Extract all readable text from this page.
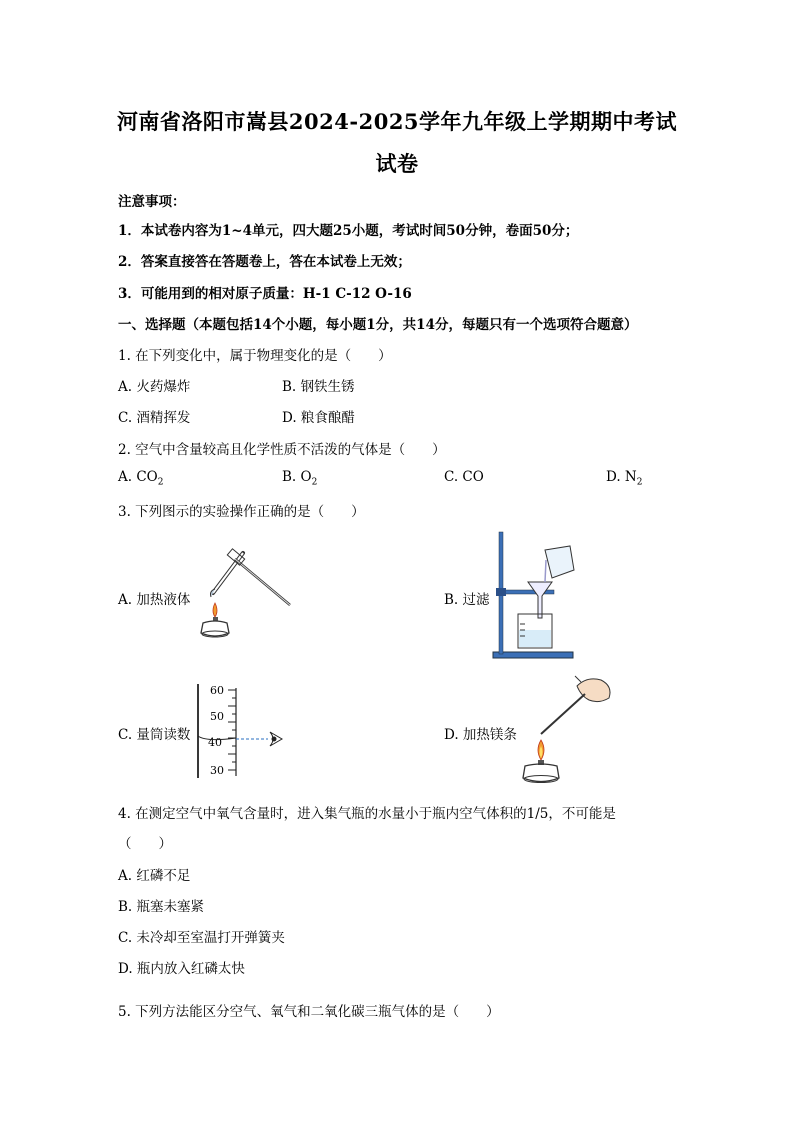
河南省洛阳市嵩县2024-2025学年九年级上学期期中考试
试卷
注意事项：
1．本试卷内容为1~4单元，四大题25小题，考试时间50分钟，卷面50分；
2．答案直接答在答题卷上，答在本试卷上无效；
3．可能用到的相对原子质量：H-1 C-12 O-16
一、选择题（本题包括14个小题，每小题1分，共14分，每题只有一个选项符合题意）
1. 在下列变化中，属于物理变化的是（　　）
A. 火药爆炸	B. 钢铁生锈
C. 酒精挥发	D. 粮食酿醋
2. 空气中含量较高且化学性质不活泼的气体是（　　）
A. $CO_2$	B. $O_2$	C. CO	D. $N_2$
3. 下列图示的实验操作正确的是（　　）
A. 加热液体	B. 过滤
C. 量筒读数	D. 加热镁条
60
50
40
30
4. 在测定空气中氧气含量时，进入集气瓶的水量小于瓶内空气体积的1/5，不可能是
（　　）
A. 红磷不足
B. 瓶塞未塞紧
C. 未冷却至室温打开弹簧夹
D. 瓶内放入红磷太快
5. 下列方法能区分空气、氧气和二氧化碳三瓶气体的是（　　）
